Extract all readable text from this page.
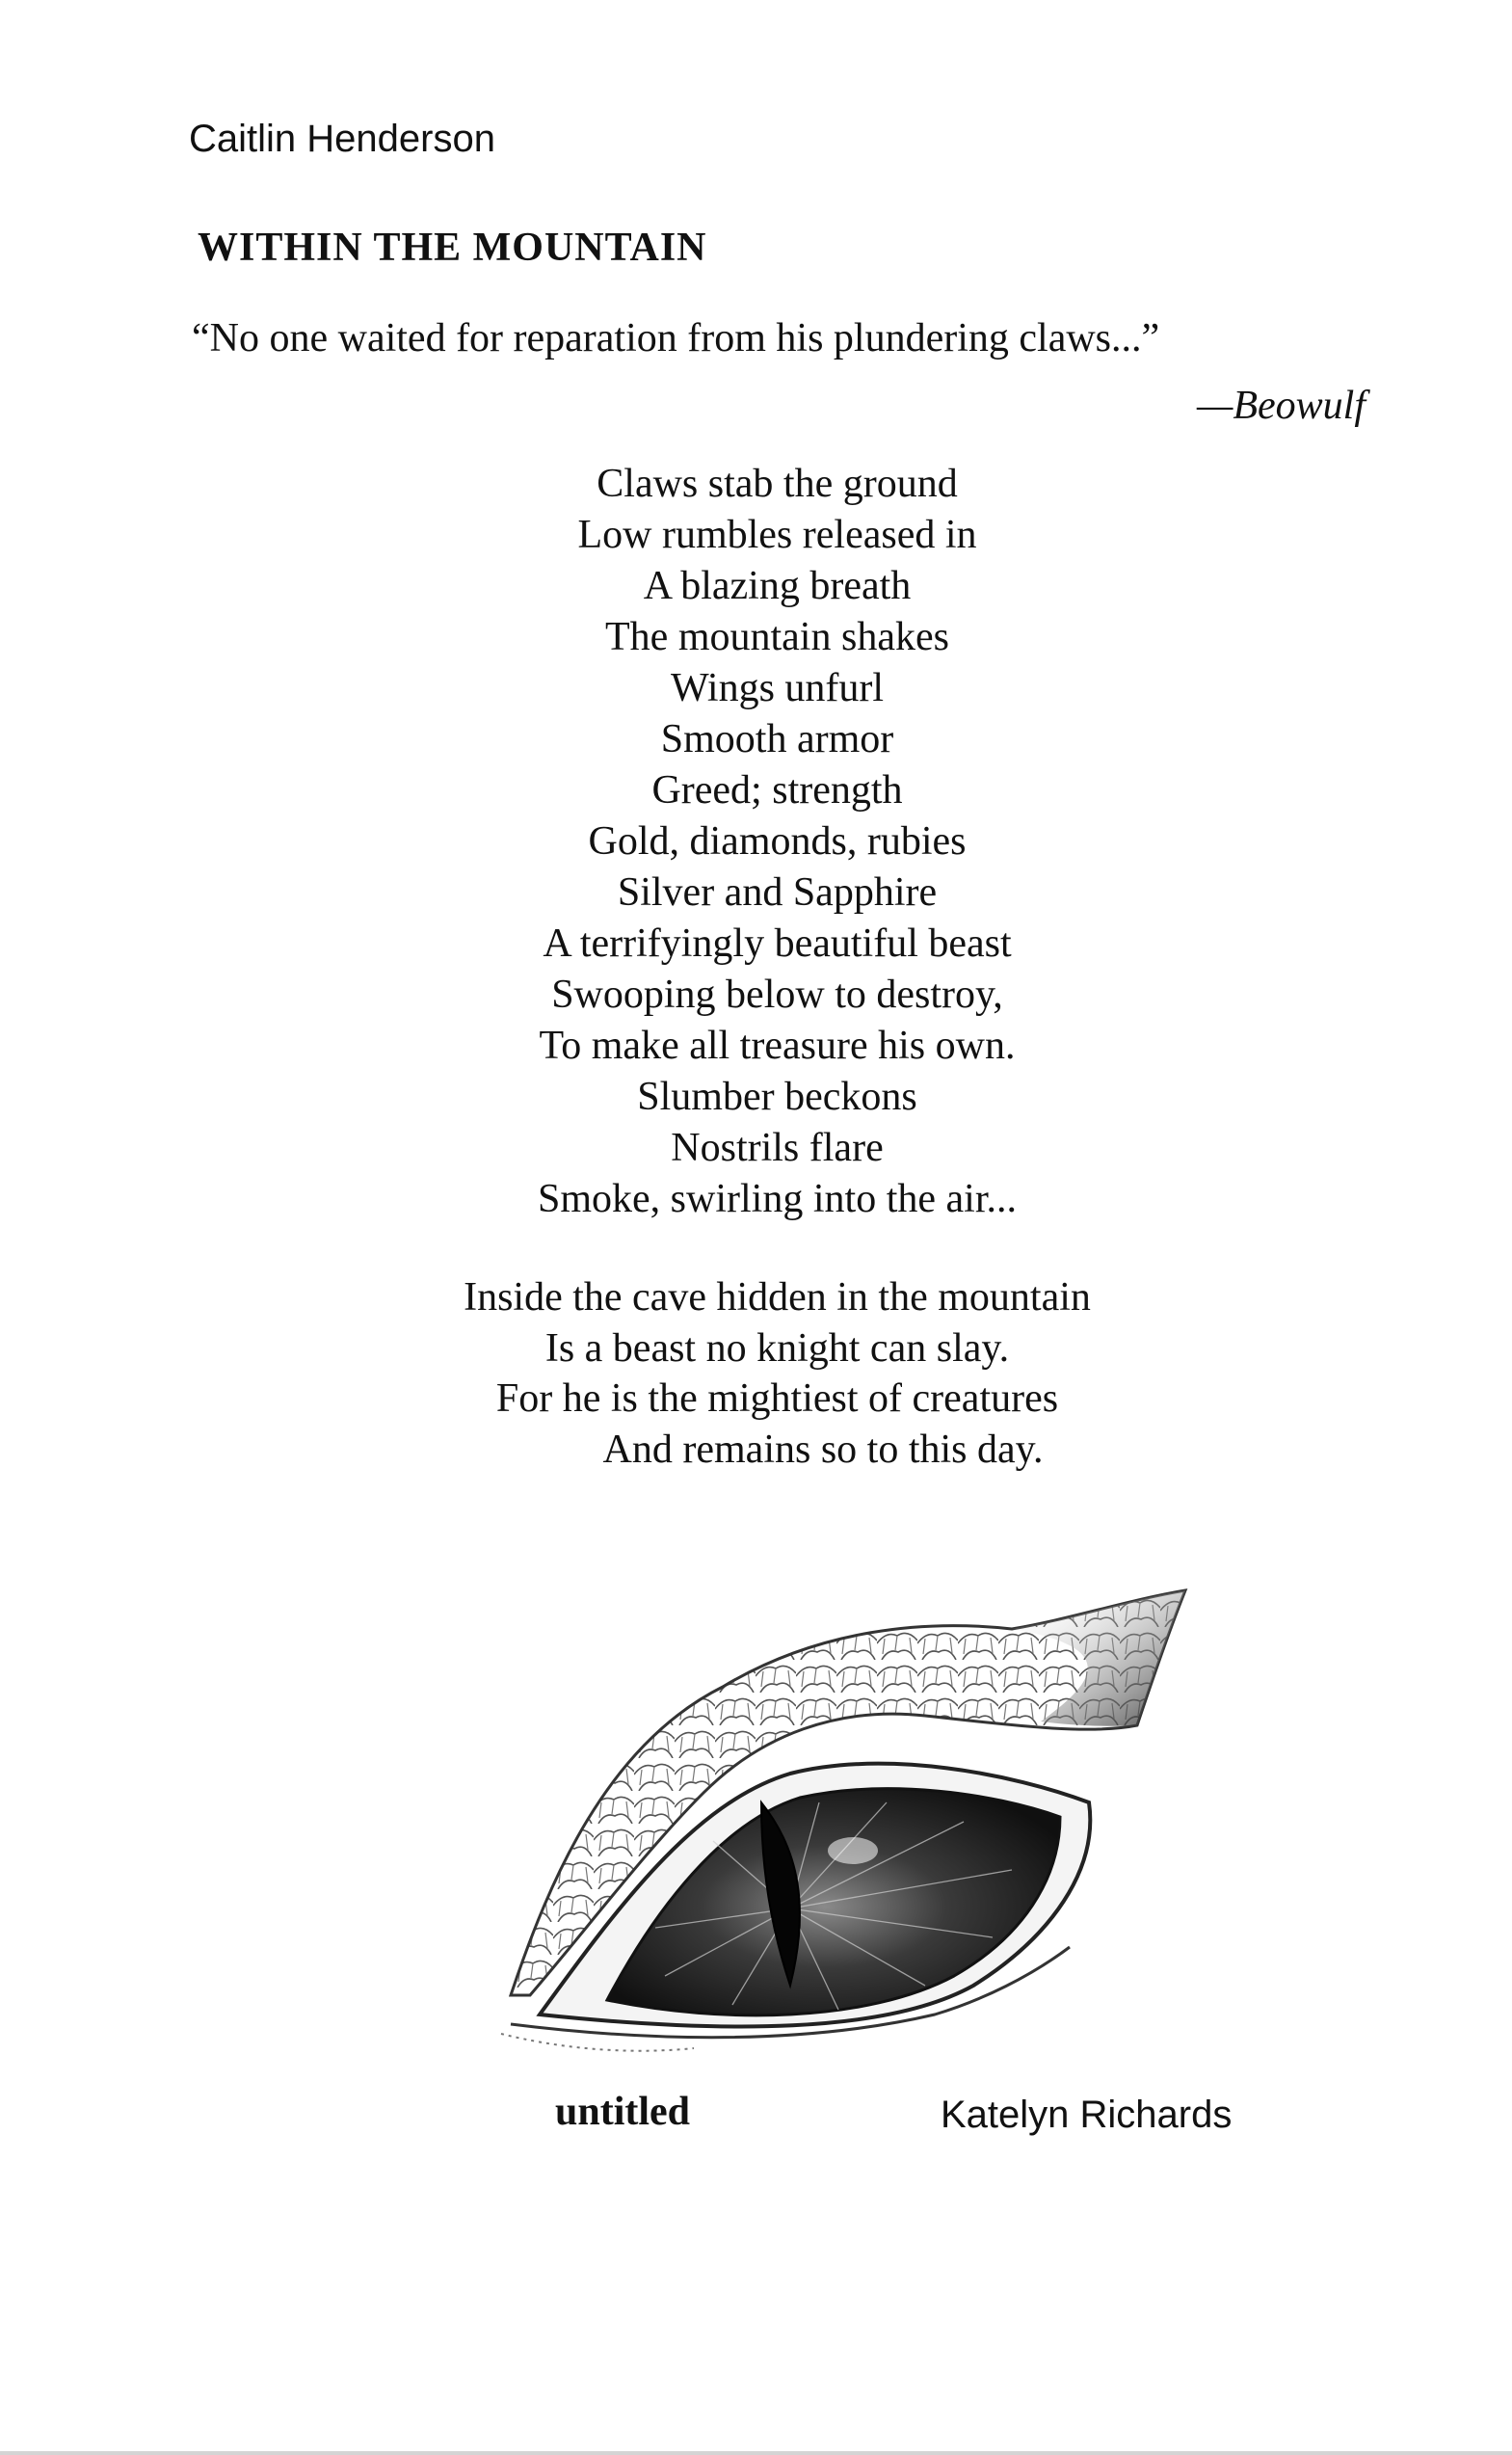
Caitlin Henderson

WITHIN THE MOUNTAIN

“No one waited for reparation from his plundering claws...”

—Beowulf

Claws stab the ground
Low rumbles released in
A blazing breath
The mountain shakes
Wings unfurl
Smooth armor
Greed; strength
Gold, diamonds, rubies
Silver and Sapphire
A terrifyingly beautiful beast
Swooping below to destroy,
To make all treasure his own.
Slumber beckons
Nostrils flare
Smoke, swirling into the air...
Inside the cave hidden in the mountain
Is a beast no knight can slay.
For he is the mightiest of creatures
And remains so to this day.

untitled	Katelyn Richards
